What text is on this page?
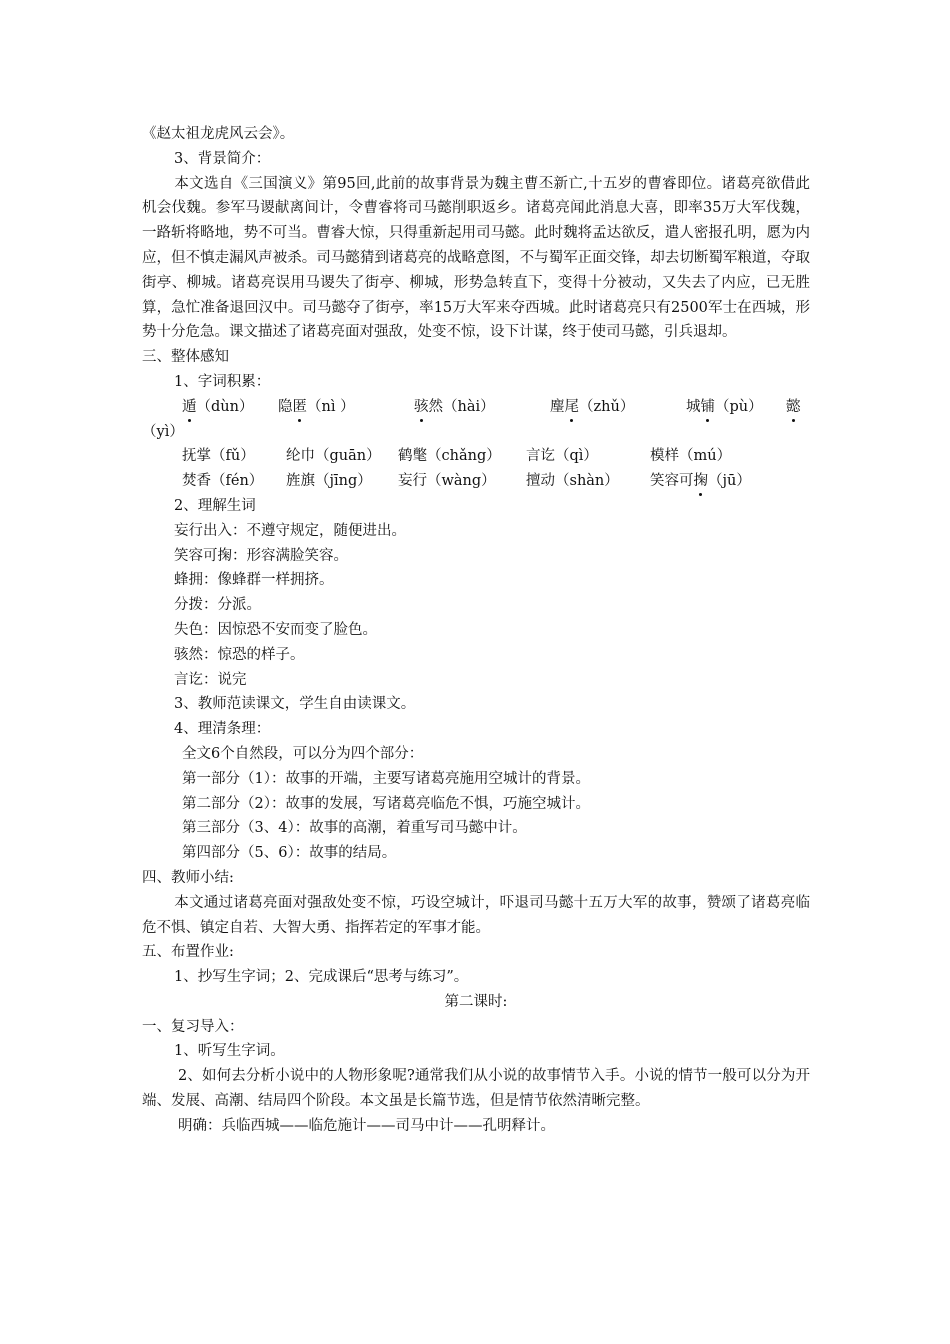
《赵太祖龙虎风云会》。
3、背景简介：
本文选自《三国演义》第95回,此前的故事背景为魏主曹丕新亡,十五岁的曹睿即位。诸葛亮欲借此机会伐魏。参军马谡献离间计，令曹睿将司马懿削职返乡。诸葛亮闻此消息大喜，即率35万大军伐魏，一路斩将略地，势不可当。曹睿大惊，只得重新起用司马懿。此时魏将孟达欲反，遣人密报孔明，愿为内应，但不慎走漏风声被杀。司马懿猜到诸葛亮的战略意图，不与蜀军正面交锋，却去切断蜀军粮道，夺取街亭、柳城。诸葛亮误用马谡失了街亭、柳城，形势急转直下，变得十分被动，又失去了内应，已无胜算，急忙准备退回汉中。司马懿夺了街亭，率15万大军来夺西城。此时诸葛亮只有2500军士在西城，形势十分危急。课文描述了诸葛亮面对强敌，处变不惊，设下计谋，终于使司马懿，引兵退却。
三、整体感知
1、字词积累：
遁（dùn）	隐匿（nì ）	骇然（hài）	麈尾（zhǔ）	城铺（pù）	懿
（yì）
抚掌（fǔ）	纶巾（guān）	鹤氅（chǎng）	言讫（qì）	模样（mú）
焚香（fén）	旌旗（jīng）	妄行（wàng）	擅动（shàn）	笑容可掬（jū）
2、理解生词
妄行出入：不遵守规定，随便进出。
笑容可掬：形容满脸笑容。
蜂拥：像蜂群一样拥挤。
分拨：分派。
失色：因惊恐不安而变了脸色。
骇然：惊恐的样子。
言讫：说完
3、教师范读课文，学生自由读课文。
4、理清条理：
全文6个自然段，可以分为四个部分：
第一部分（1）：故事的开端，主要写诸葛亮施用空城计的背景。
第二部分（2）：故事的发展，写诸葛亮临危不惧，巧施空城计。
第三部分（3、4）：故事的高潮，着重写司马懿中计。
第四部分（5、6）：故事的结局。
四、教师小结:
本文通过诸葛亮面对强敌处变不惊，巧设空城计，吓退司马懿十五万大军的故事，赞颂了诸葛亮临危不惧、镇定自若、大智大勇、指挥若定的军事才能。
五、布置作业:
1、抄写生字词；2、完成课后“思考与练习”。
第二课时:
一、复习导入：
1、听写生字词。
2、如何去分析小说中的人物形象呢?通常我们从小说的故事情节入手。小说的情节一般可以分为开端、发展、高潮、结局四个阶段。本文虽是长篇节选，但是情节依然清晰完整。
明确：兵临西城——临危施计——司马中计——孔明释计。
